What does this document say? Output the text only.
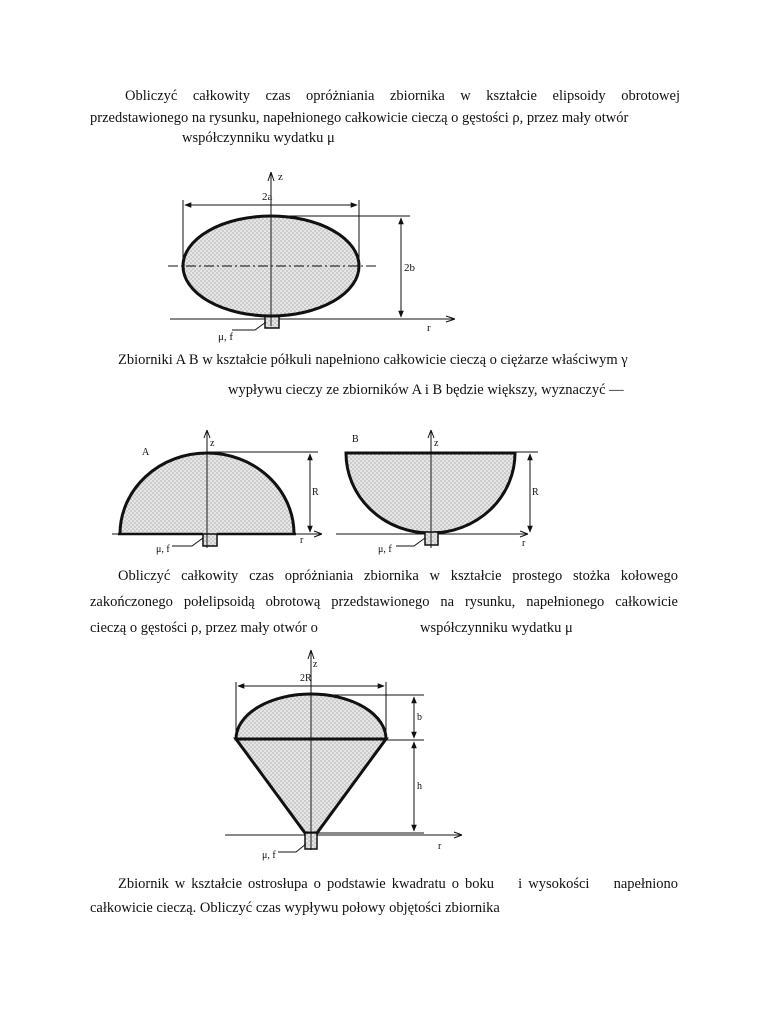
Obliczyć całkowity czas opróżniania zbiornika w kształcie elipsoidy obrotowej
przedstawionego na rysunku, napełnionego całkowicie cieczą o gęstości ρ, przez mały otwór
współczynniku wydatku μ
Zbiorniki A B w kształcie półkuli napełniono całkowicie cieczą o ciężarze właściwym γ
wypływu cieczy ze zbiorników A i B będzie większy, wyznaczyć —
Obliczyć całkowity czas opróżniania zbiornika w kształcie prostego stożka kołowego
zakończonego połelipsoidą obrotową przedstawionego na rysunku, napełnionego całkowicie
cieczą o gęstości ρ, przez mały otwór o	współczynniku wydatku μ
Zbiornik w kształcie ostrosłupa o podstawie kwadratu o boku    i wysokości    napełniono
całkowicie cieczą. Obliczyć czas wypływu połowy objętości zbiornika
z
2a
2b
r
μ, f
z
A
R
r
μ, f
z
B
R
r
μ, f
z
2R
b
h
r
μ, f
